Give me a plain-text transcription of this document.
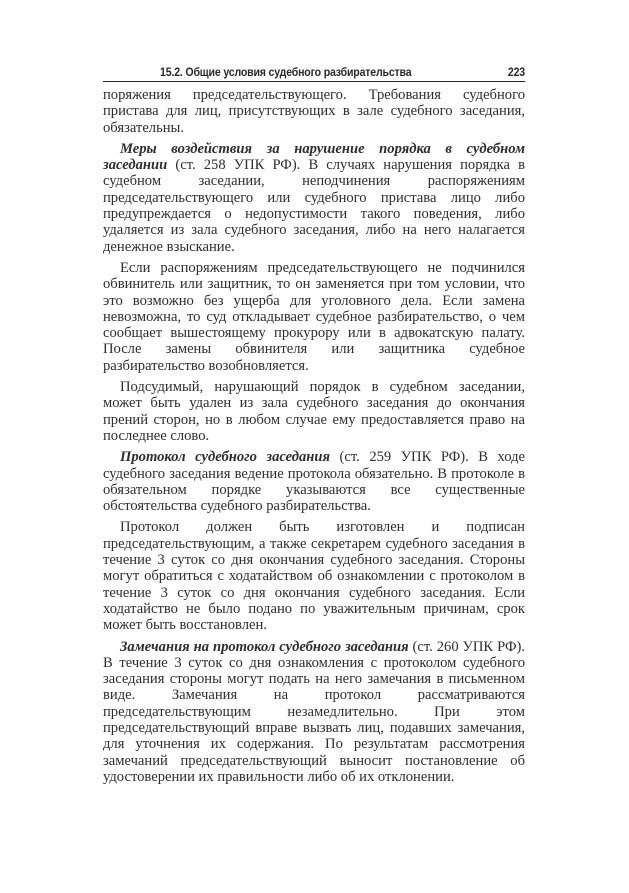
15.2. Общие условия судебного разбирательства	223

поряжения председательствующего. Требования судебного пристава для лиц, присутствующих в зале судебного заседания, обязательны.

Меры воздействия за нарушение порядка в судебном заседании (ст. 258 УПК РФ). В случаях нарушения порядка в судебном заседании, неподчинения распоряжениям председательствующего или судебного пристава лицо либо предупреждается о недопустимости такого поведения, либо удаляется из зала судебного заседания, либо на него налагается денежное взыскание.

Если распоряжениям председательствующего не подчинился обвинитель или защитник, то он заменяется при том условии, что это возможно без ущерба для уголовного дела. Если замена невозможна, то суд откладывает судебное разбирательство, о чем сообщает вышестоящему прокурору или в адвокатскую палату. После замены обвинителя или защитника судебное разбирательство возобновляется.

Подсудимый, нарушающий порядок в судебном заседании, может быть удален из зала судебного заседания до окончания прений сторон, но в любом случае ему предоставляется право на последнее слово.

Протокол судебного заседания (ст. 259 УПК РФ). В ходе судебного заседания ведение протокола обязательно. В протоколе в обязательном порядке указываются все существенные обстоятельства судебного разбирательства.

Протокол должен быть изготовлен и подписан председательствующим, а также секретарем судебного заседания в течение 3 суток со дня окончания судебного заседания. Стороны могут обратиться с ходатайством об ознакомлении с протоколом в течение 3 суток со дня окончания судебного заседания. Если ходатайство не было подано по уважительным причинам, срок может быть восстановлен.

Замечания на протокол судебного заседания (ст. 260 УПК РФ). В течение 3 суток со дня ознакомления с протоколом судебного заседания стороны могут подать на него замечания в письменном виде. Замечания на протокол рассматриваются председательствующим незамедлительно. При этом председательствующий вправе вызвать лиц, подавших замечания, для уточнения их содержания. По результатам рассмотрения замечаний председательствующий выносит постановление об удостоверении их правильности либо об их отклонении.
